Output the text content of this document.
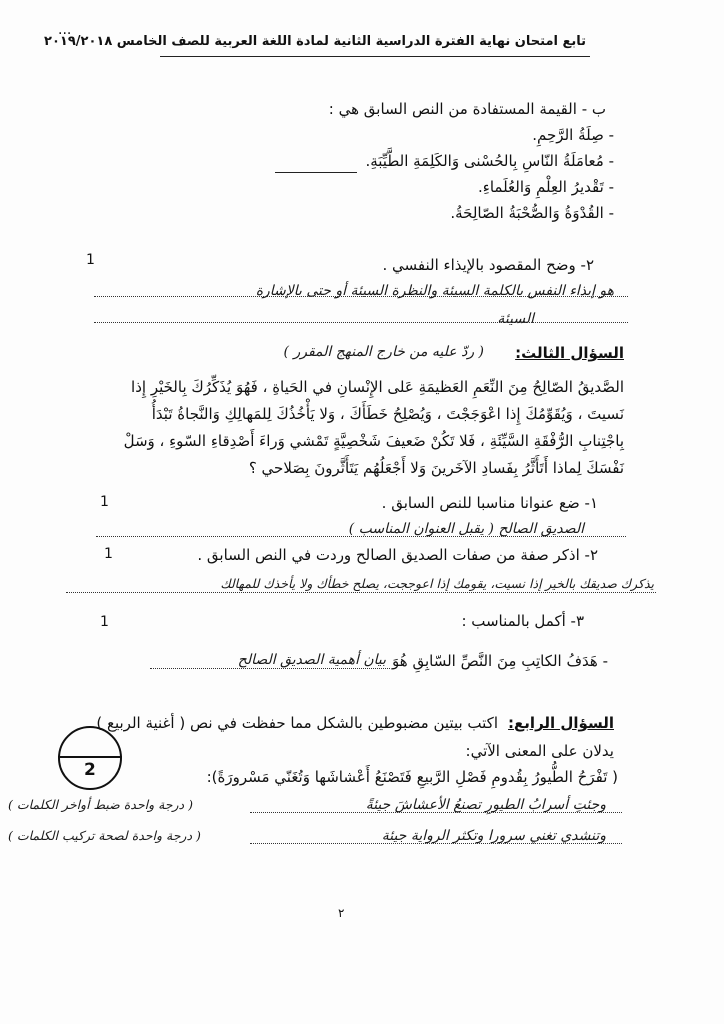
...
تابع امتحان نهاية الفترة الدراسية الثانية لمادة اللغة العربية للصف الخامس ٢٠١٩/٢٠١٨
ب - القيمة المستفادة من النص السابق هي :
- صِلَةُ الرَّحِمِ.
- مُعامَلَةُ النّاسِ بِالحُسْنى وَالكَلِمَةِ الطَّيِّبَةِ.
- تَقْديرُ العِلْمِ وَالعُلَماءِ.
- القُدْوَةُ وَالصُّحْبَةُ الصّالِحَةُ.
٢- وضح المقصود بالإيذاء النفسي .
1
هو إيذاء النفس بالكلمة السيئة والنظرة السيئة أو حتى بالإشارة
السيئة
السؤال الثالث:
( ردّ عليه من خارج المنهج المقرر )
الصَّديقُ الصّالِحُ مِنَ النِّعَمِ العَظيمَةِ عَلى الإِنْسانِ في الحَياةِ ، فَهُوَ يُذَكِّرُكَ بِالخَيْرِ إِذا
نَسيتَ ، وَيُقَوِّمُكَ إِذا اعْوَجَجْتَ ، وَيُصْلِحُ خَطَأَكَ ، وَلا يَأْخُذُكَ لِلمَهالِكِ وَالنَّجاةُ تَبْدَأُ
بِاجْتِنابِ الرُّفْقَةِ السَّيِّئَةِ ، فَلا تَكُنْ ضَعيفَ شَخْصِيَّةٍ تَمْشي وَراءَ أَصْدِقاءِ السّوءِ ، وَسَلْ
نَفْسَكَ لِماذا أَتَأَثَّرُ بِفَسادِ الآخَرينَ وَلا أَجْعَلُهُم يَتَأَثَّرونَ بِصَلاحي ؟
١- ضع عنوانا مناسبا للنص السابق .
1
الصديق الصالح ( يقبل العنوان المناسب )
٢- اذكر صفة من صفات الصديق الصالح وردت في النص السابق .
1
يذكرك صديقك بالخير إذا نسيت، يقومك إذا اعوججت، يصلح خطأك ولا يأخذك للمهالك
٣- أكمل بالمناسب :
1
- هَدَفُ الكاتِبِ مِنَ النَّصِّ السّابِقِ هُوَ
بيان أهمية الصديق الصالح
السؤال الرابع:
اكتب بيتين مضبوطين بالشكل مما حفظت في نص ( أغنية الربيع )
يدلان على المعنى الآتي:
( تَفْرَحُ الطُّيورُ بِقُدومِ فَصْلِ الرَّبيعِ فَتَصْنَعُ أَعْشاشَها وَتُغَنّي مَسْرورَةً):
2
وجئتِ أسرابُ الطيورِ تصنعُ الأعشاشَ جيئةً
( درجة واحدة ضبط أواخر الكلمات )
وتنشدي تغني سرورا وتكثر الرواية جيئة
( درجة واحدة لصحة تركيب الكلمات )
٢
